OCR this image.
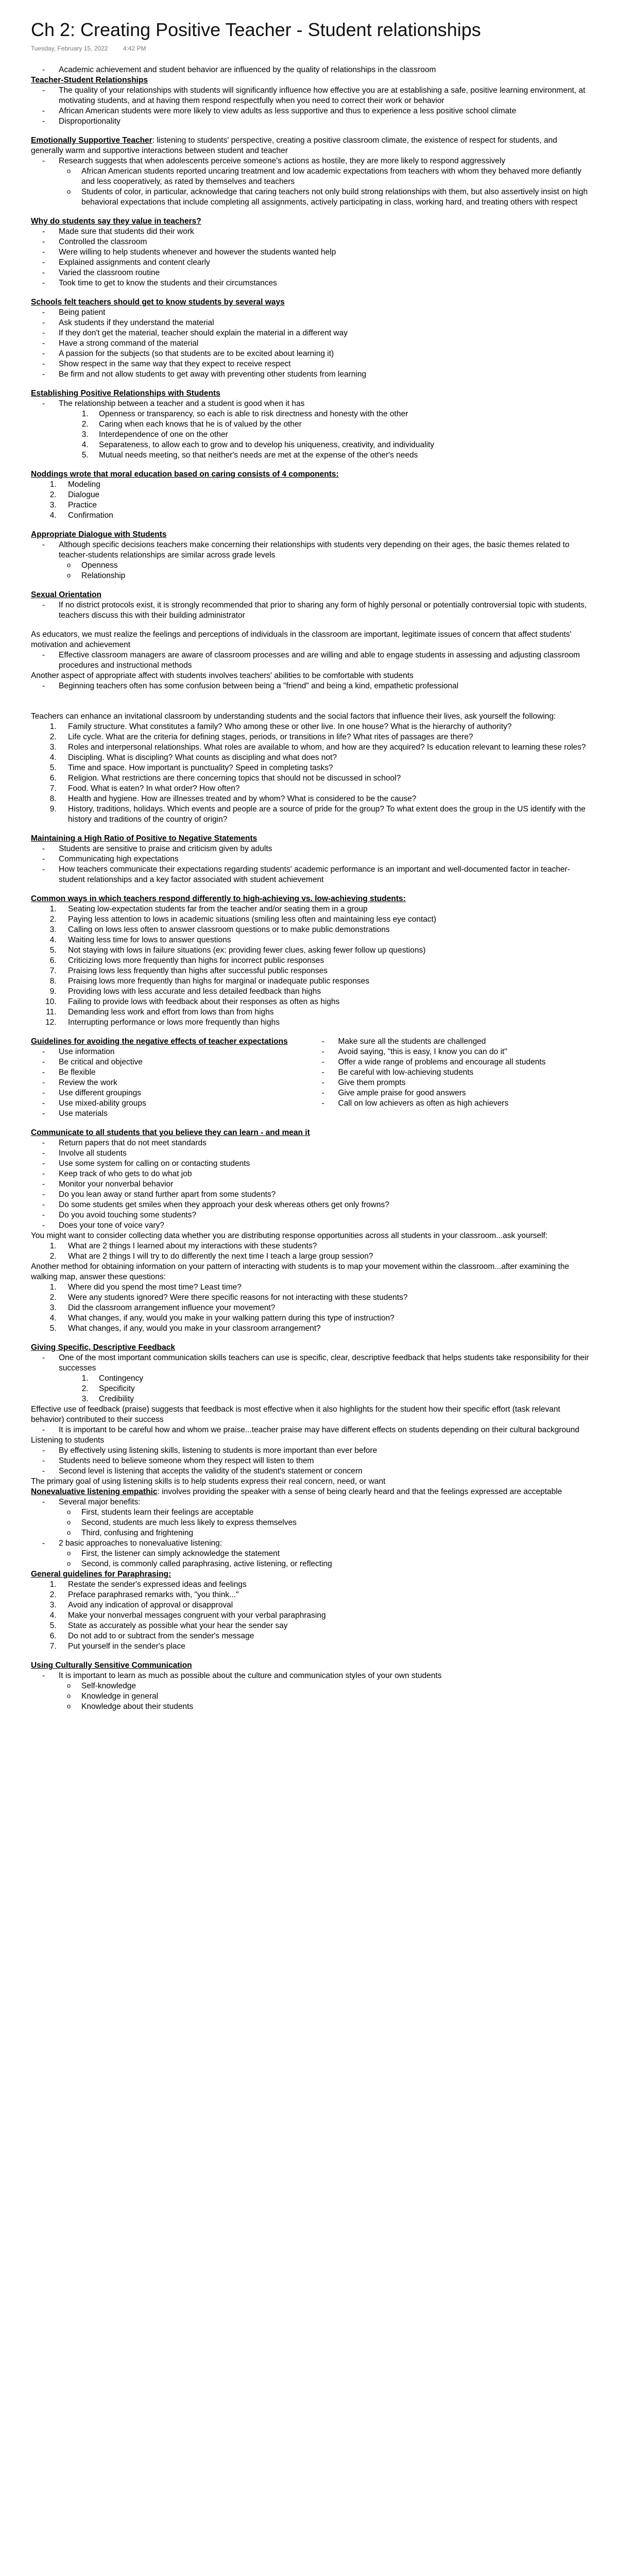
Ch 2: Creating Positive Teacher - Student relationships
Tuesday, February 15, 2022 4:42 PM
- Academic achievement and student behavior are influenced by the quality of relationships in the classroom

Teacher-Student Relationships

- The quality of your relationships with students will significantly influence how effective you are at establishing a safe, positive learning environment, at motivating students, and at having them respond respectfully when you need to correct their work or behavior
- African American students were more likely to view adults as less supportive and thus to experience a less positive school climate
- Disproportionality

Emotionally Supportive Teacher: listening to students' perspective, creating a positive classroom climate, the existence of respect for students, and generally warm and supportive interactions between student and teacher

- Research suggests that when adolescents perceive someone's actions as hostile, they are more likely to respond aggressively
o African American students reported uncaring treatment and low academic expectations from teachers with whom they behaved more defiantly and less cooperatively, as rated by themselves and teachers
o Students of color, in particular, acknowledge that caring teachers not only build strong relationships with them, but also assertively insist on high behavioral expectations that include completing all assignments, actively participating in class, working hard, and treating others with respect

Why do students say they value in teachers?

- Made sure that students did their work
- Controlled the classroom
- Were willing to help students whenever and however the students wanted help
- Explained assignments and content clearly
- Varied the classroom routine
- Took time to get to know the students and their circumstances

Schools felt teachers should get to know students by several ways

- Being patient
- Ask students if they understand the material
- If they don't get the material, teacher should explain the material in a different way
- Have a strong command of the material
- A passion for the subjects (so that students are to be excited about learning it)
- Show respect in the same way that they expect to receive respect
- Be firm and not allow students to get away with preventing other students from learning

Establishing Positive Relationships with Students

- The relationship between a teacher and a student is good when it has
1. Openness or transparency, so each is able to risk directness and honesty with the other
2. Caring when each knows that he is of valued by the other
3. Interdependence of one on the other
4. Separateness, to allow each to grow and to develop his uniqueness, creativity, and individuality
5. Mutual needs meeting, so that neither's needs are met at the expense of the other's needs

Noddings wrote that moral education based on caring consists of 4 components:

1. Modeling
2. Dialogue
3. Practice
4. Confirmation

Appropriate Dialogue with Students

- Although specific decisions teachers make concerning their relationships with students very depending on their ages, the basic themes related to teacher-students relationships are similar across grade levels
o Openness
o Relationship

Sexual Orientation

- If no district protocols exist, it is strongly recommended that prior to sharing any form of highly personal or potentially controversial topic with students, teachers discuss this with their building administrator

As educators, we must realize the feelings and perceptions of individuals in the classroom are important, legitimate issues of concern that affect students' motivation and achievement

- Effective classroom managers are aware of classroom processes and are willing and able to engage students in assessing and adjusting classroom procedures and instructional methods

Another aspect of appropriate affect with students involves teachers' abilities to be comfortable with students

- Beginning teachers often has some confusion between being a "friend" and being a kind, empathetic professional

Teachers can enhance an invitational classroom by understanding students and the social factors that influence their lives, ask yourself the following:

1. Family structure. What constitutes a family? Who among these or other live. In one house? What is the hierarchy of authority?
2. Life cycle. What are the criteria for defining stages, periods, or transitions in life? What rites of passages are there?
3. Roles and interpersonal relationships. What roles are available to whom, and how are they acquired? Is education relevant to learning these roles?
4. Discipling. What is discipling? What counts as discipling and what does not?
5. Time and space. How important is punctuality? Speed in completing tasks?
6. Religion. What restrictions are there concerning topics that should not be discussed in school?
7. Food. What is eaten? In what order? How often?
8. Health and hygiene. How are illnesses treated and by whom? What is considered to be the cause?
9. History, traditions, holidays. Which events and people are a source of pride for the group? To what extent does the group in the US identify with the history and traditions of the country of origin?

Maintaining a High Ratio of Positive to Negative Statements

- Students are sensitive to praise and criticism given by adults
- Communicating high expectations
- How teachers communicate their expectations regarding students' academic performance is an important and well-documented factor in teacher-student relationships and a key factor associated with student achievement

Common ways in which teachers respond differently to high-achieving vs. low-achieving students:

1. Seating low-expectation students far from the teacher and/or seating them in a group
2. Paying less attention to lows in academic situations (smiling less often and maintaining less eye contact)
3. Calling on lows less often to answer classroom questions or to make public demonstrations
4. Waiting less time for lows to answer questions
5. Not staying with lows in failure situations (ex: providing fewer clues, asking fewer follow up questions)
6. Criticizing lows more frequently than highs for incorrect public responses
7. Praising lows less frequently than highs after successful public responses
8. Praising lows more frequently than highs for marginal or inadequate public responses
9. Providing lows with less accurate and less detailed feedback than highs
10. Failing to provide lows with feedback about their responses as often as highs
11. Demanding less work and effort from lows than from highs
12. Interrupting performance or lows more frequently than highs

Guidelines for avoiding the negative effects of teacher expectations

- Use information
- Be critical and objective
- Be flexible
- Review the work
- Use different groupings
- Use mixed-ability groups
- Use materials
- Make sure all the students are challenged
- Avoid saying, "this is easy, I know you can do it"
- Offer a wide range of problems and encourage all students
- Be careful with low-achieving students
- Give them prompts
- Give ample praise for good answers
- Call on low achievers as often as high achievers

Communicate to all students that you believe they can learn - and mean it

- Return papers that do not meet standards
- Involve all students
- Use some system for calling on or contacting students
- Keep track of who gets to do what job
- Monitor your nonverbal behavior
- Do you lean away or stand further apart from some students?
- Do some students get smiles when they approach your desk whereas others get only frowns?
- Do you avoid touching some students?
- Does your tone of voice vary?

You might want to consider collecting data whether you are distributing response opportunities across all students in your classroom...ask yourself:

1. What are 2 things I learned about my interactions with these students?
2. What are 2 things I will try to do differently the next time I teach a large group session?

Another method for obtaining information on your pattern of interacting with students is to map your movement within the classroom...after examining the walking map, answer these questions:

1. Where did you spend the most time? Least time?
2. Were any students ignored? Were there specific reasons for not interacting with these students?
3. Did the classroom arrangement influence your movement?
4. What changes, if any, would you make in your walking pattern during this type of instruction?
5. What changes, if any, would you make in your classroom arrangement?

Giving Specific, Descriptive Feedback

- One of the most important communication skills teachers can use is specific, clear, descriptive feedback that helps students take responsibility for their successes
1. Contingency
2. Specificity
3. Credibility

Effective use of feedback (praise) suggests that feedback is most effective when it also highlights for the student how their specific effort (task relevant behavior) contributed to their success

- It is important to be careful how and whom we praise...teacher praise may have different effects on students depending on their cultural background

Listening to students

- By effectively using listening skills, listening to students is more important than ever before
- Students need to believe someone whom they respect will listen to them
- Second level is listening that accepts the validity of the student's statement or concern

The primary goal of using listening skills is to help students express their real concern, need, or want

Nonevaluative listening empathic: involves providing the speaker with a sense of being clearly heard and that the feelings expressed are acceptable

- Several major benefits:
o First, students learn their feelings are acceptable
o Second, students are much less likely to express themselves
o Third, confusing and frightening
- 2 basic approaches to nonevaluative listening:
o First, the listener can simply acknowledge the statement
o Second, is commonly called paraphrasing, active listening, or reflecting

General guidelines for Paraphrasing:

1. Restate the sender's expressed ideas and feelings
2. Preface paraphrased remarks with, "you think..."
3. Avoid any indication of approval or disapproval
4. Make your nonverbal messages congruent with your verbal paraphrasing
5. State as accurately as possible what your hear the sender say
6. Do not add to or subtract from the sender's message
7. Put yourself in the sender's place

Using Culturally Sensitive Communication

- It is important to learn as much as possible about the culture and communication styles of your own students
o Self-knowledge
o Knowledge in general
o Knowledge about their students
